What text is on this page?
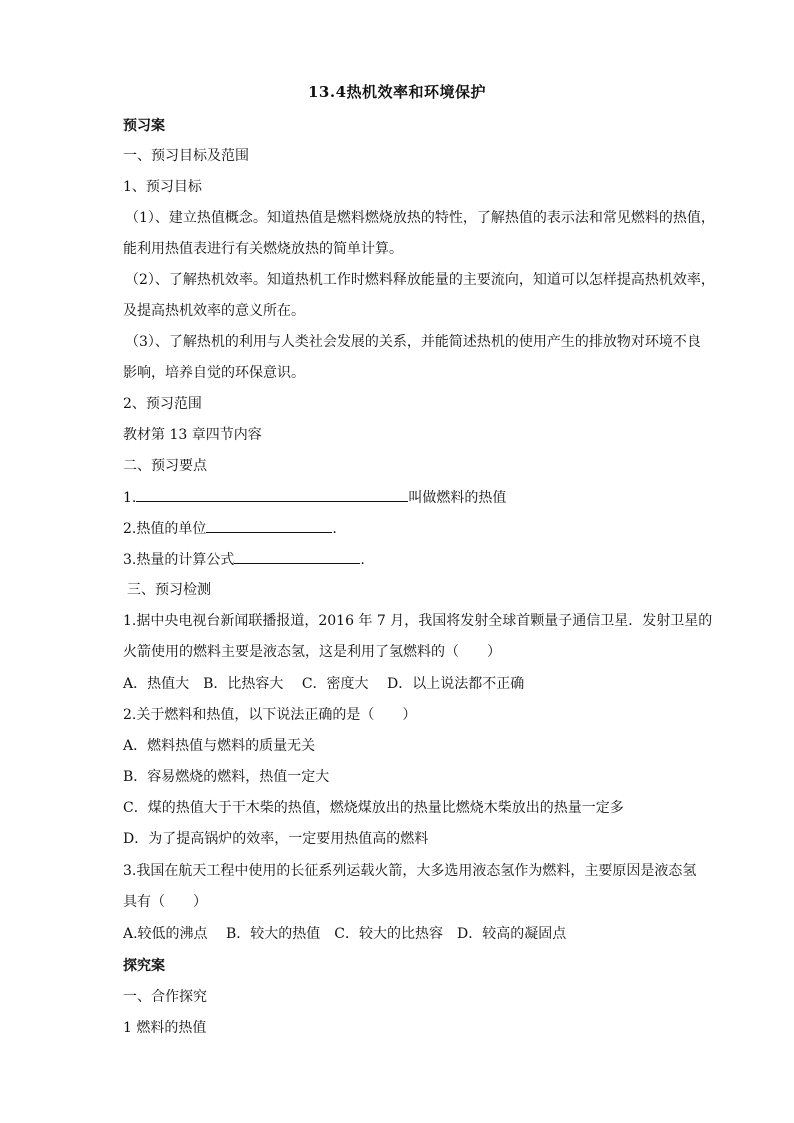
13.4热机效率和环境保护
预习案
一、预习目标及范围
1、预习目标
（1）、建立热值概念。知道热值是燃料燃烧放热的特性，了解热值的表示法和常见燃料的热值，
能利用热值表进行有关燃烧放热的简单计算。
（2）、了解热机效率。知道热机工作时燃料释放能量的主要流向，知道可以怎样提高热机效率，
及提高热机效率的意义所在。
（3）、了解热机的利用与人类社会发展的关系，并能简述热机的使用产生的排放物对环境不良
影响，培养自觉的环保意识。
2、预习范围
教材第 13 章四节内容
二、预习要点
1.	叫做燃料的热值
2.热值的单位	.
3.热量的计算公式	.
三、预习检测
1.据中央电视台新闻联播报道，2016 年 7 月，我国将发射全球首颗量子通信卫星．发射卫星的
火箭使用的燃料主要是液态氢，这是利用了氢燃料的（　　）
A．热值大　B．比热容大　 C．密度大　 D．以上说法都不正确
2.关于燃料和热值，以下说法正确的是（　　）
A．燃料热值与燃料的质量无关
B．容易燃烧的燃料，热值一定大
C．煤的热值大于干木柴的热值，燃烧煤放出的热量比燃烧木柴放出的热量一定多
D．为了提高锅炉的效率，一定要用热值高的燃料
3.我国在航天工程中使用的长征系列运载火箭，大多选用液态氢作为燃料，主要原因是液态氢
具有（　　）
A.较低的沸点　 B．较大的热值　C．较大的比热容　D．较高的凝固点
探究案
一、合作探究
1 燃料的热值
